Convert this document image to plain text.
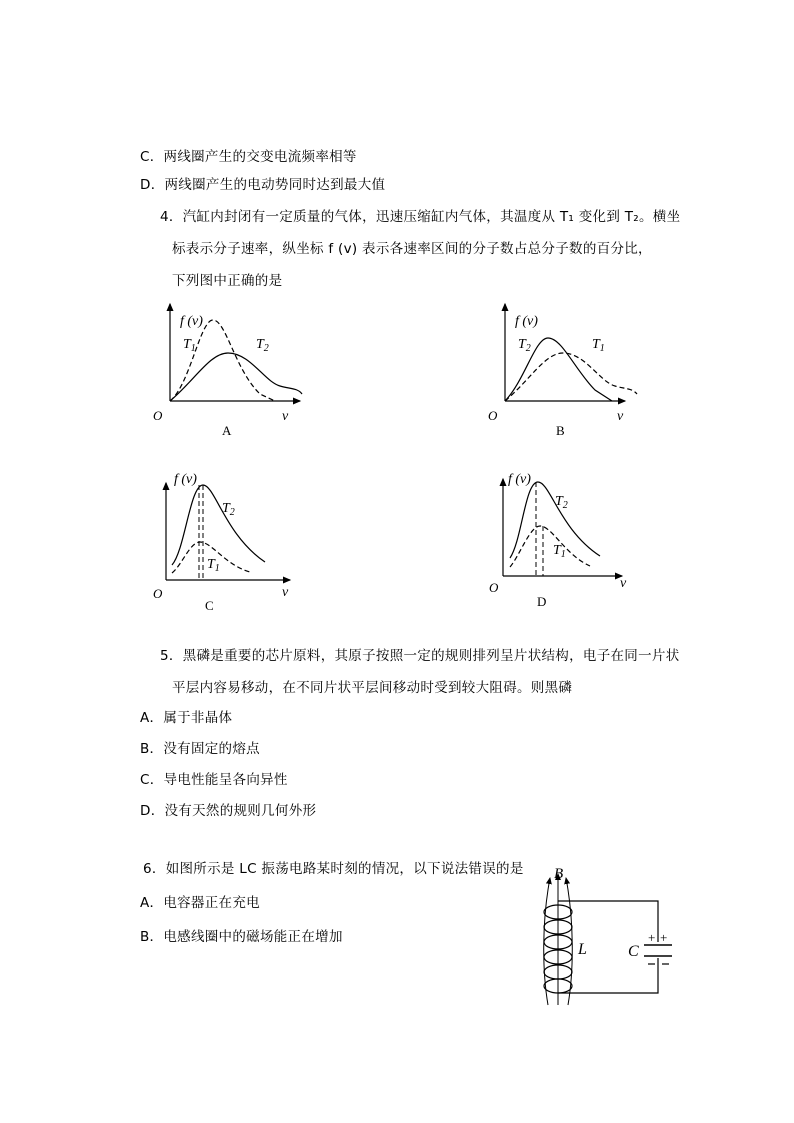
C．两线圈产生的交变电流频率相等
D．两线圈产生的电动势同时达到最大值
4．汽缸内封闭有一定质量的气体，迅速压缩缸内气体，其温度从 T₁ 变化到 T₂。横坐
标表示分子速率，纵坐标 f (v) 表示各速率区间的分子数占总分子数的百分比，
下列图中正确的是
f (v)
$T_1$	$T_2$
O	v
A
f (v)
$T_2$	$T_1$
O	v
B
f (v)
$T_2$
$T_1$
O	v
C
f (v)
$T_2$
$T_1$
O	v
D
5．黑磷是重要的芯片原料，其原子按照一定的规则排列呈片状结构，电子在同一片状
平层内容易移动，在不同片状平层间移动时受到较大阻碍。则黑磷
A．属于非晶体
B．没有固定的熔点
C．导电性能呈各向异性
D．没有天然的规则几何外形
6．如图所示是 LC 振荡电路某时刻的情况，以下说法错误的是
A．电容器正在充电
B．电感线圈中的磁场能正在增加	+ +
C
B
L
